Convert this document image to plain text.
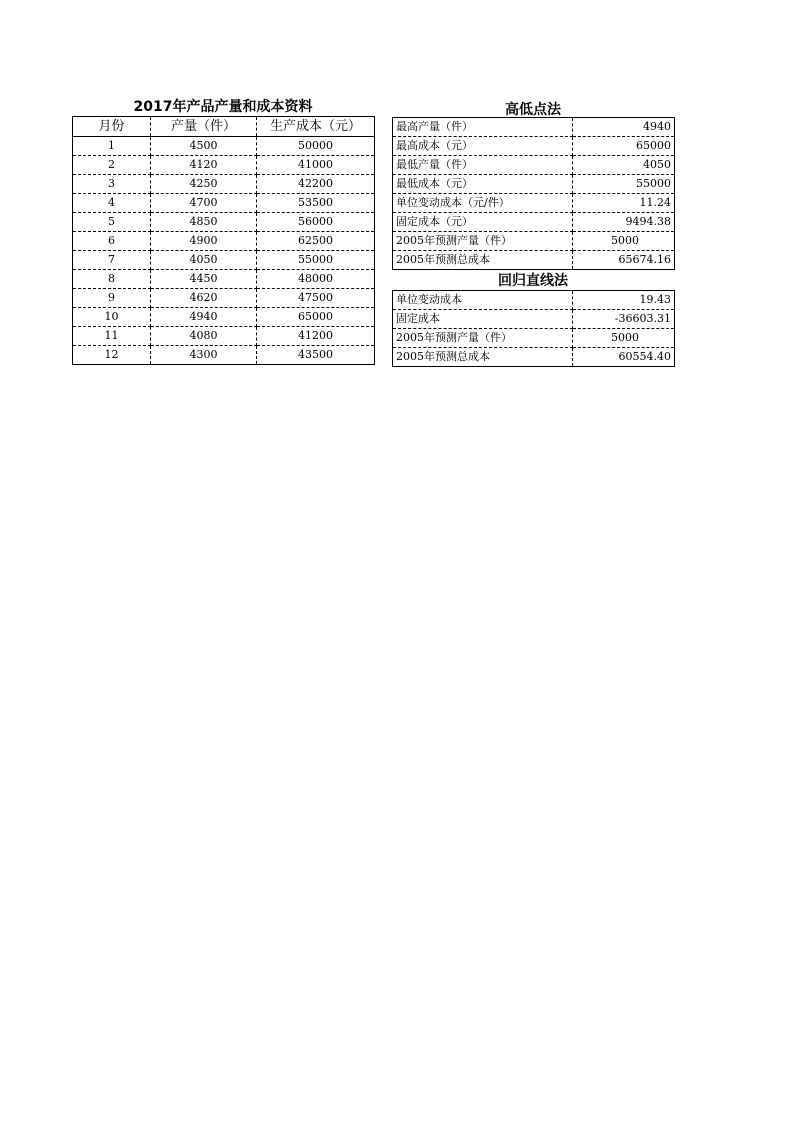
2017年产品产量和成本资料
月份	产量（件）	生产成本（元）
1	4500	50000
2	4120	41000
3	4250	42200
4	4700	53500
5	4850	56000
6	4900	62500
7	4050	55000
8	4450	48000
9	4620	47500
10	4940	65000
11	4080	41200
12	4300	43500
高低点法
最高产量（件）	4940
最高成本（元）	65000
最低产量（件）	4050
最低成本（元）	55000
单位变动成本（元/件）	11.24
固定成本（元）	9494.38
2005年预测产量（件）	5000
2005年预测总成本	65674.16
回归直线法
单位变动成本	19.43
固定成本	-36603.31
2005年预测产量（件）	5000
2005年预测总成本	60554.40
